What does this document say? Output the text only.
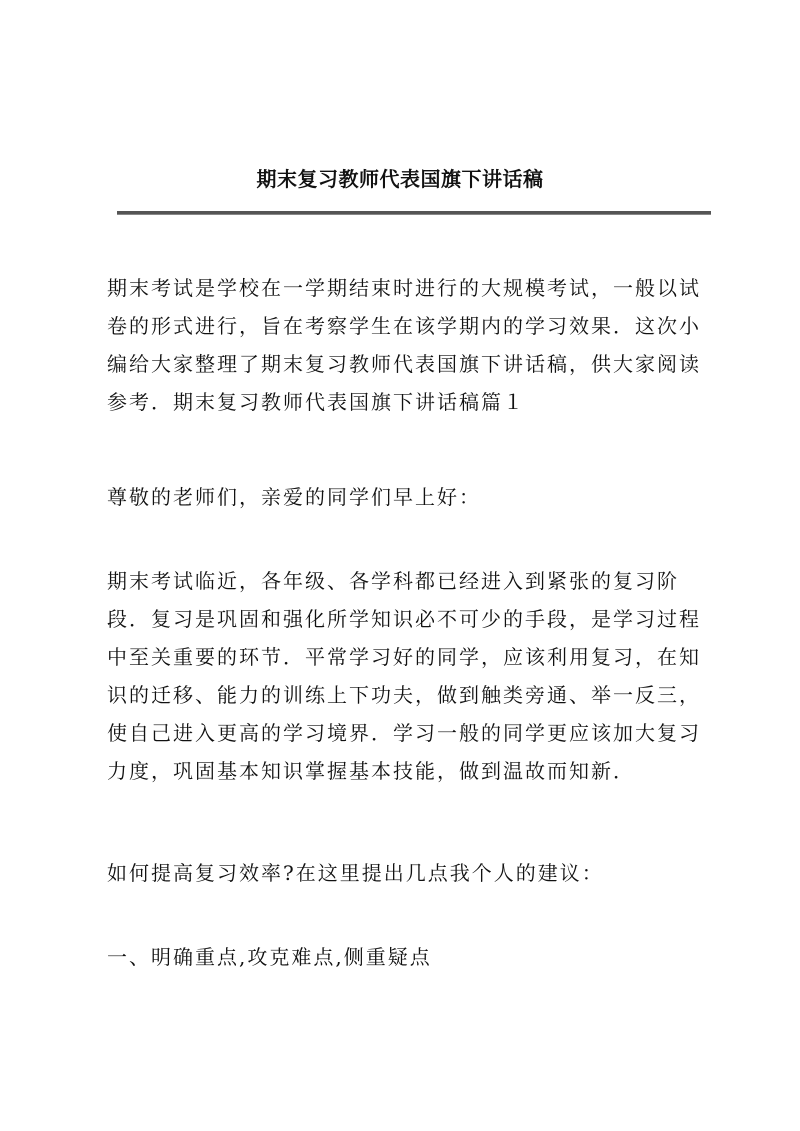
期末复习教师代表国旗下讲话稿

期末考试是学校在一学期结束时进行的大规模考试，一般以试卷的形式进行，旨在考察学生在该学期内的学习效果．这次小编给大家整理了期末复习教师代表国旗下讲话稿，供大家阅读参考．期末复习教师代表国旗下讲话稿篇１

尊敬的老师们，亲爱的同学们早上好：

期末考试临近，各年级、各学科都已经进入到紧张的复习阶段．复习是巩固和强化所学知识必不可少的手段，是学习过程中至关重要的环节．平常学习好的同学，应该利用复习，在知识的迁移、能力的训练上下功夫，做到触类旁通、举一反三，使自己进入更高的学习境界．学习一般的同学更应该加大复习力度，巩固基本知识掌握基本技能，做到温故而知新．

如何提高复习效率?在这里提出几点我个人的建议：

一、明确重点,攻克难点,侧重疑点
